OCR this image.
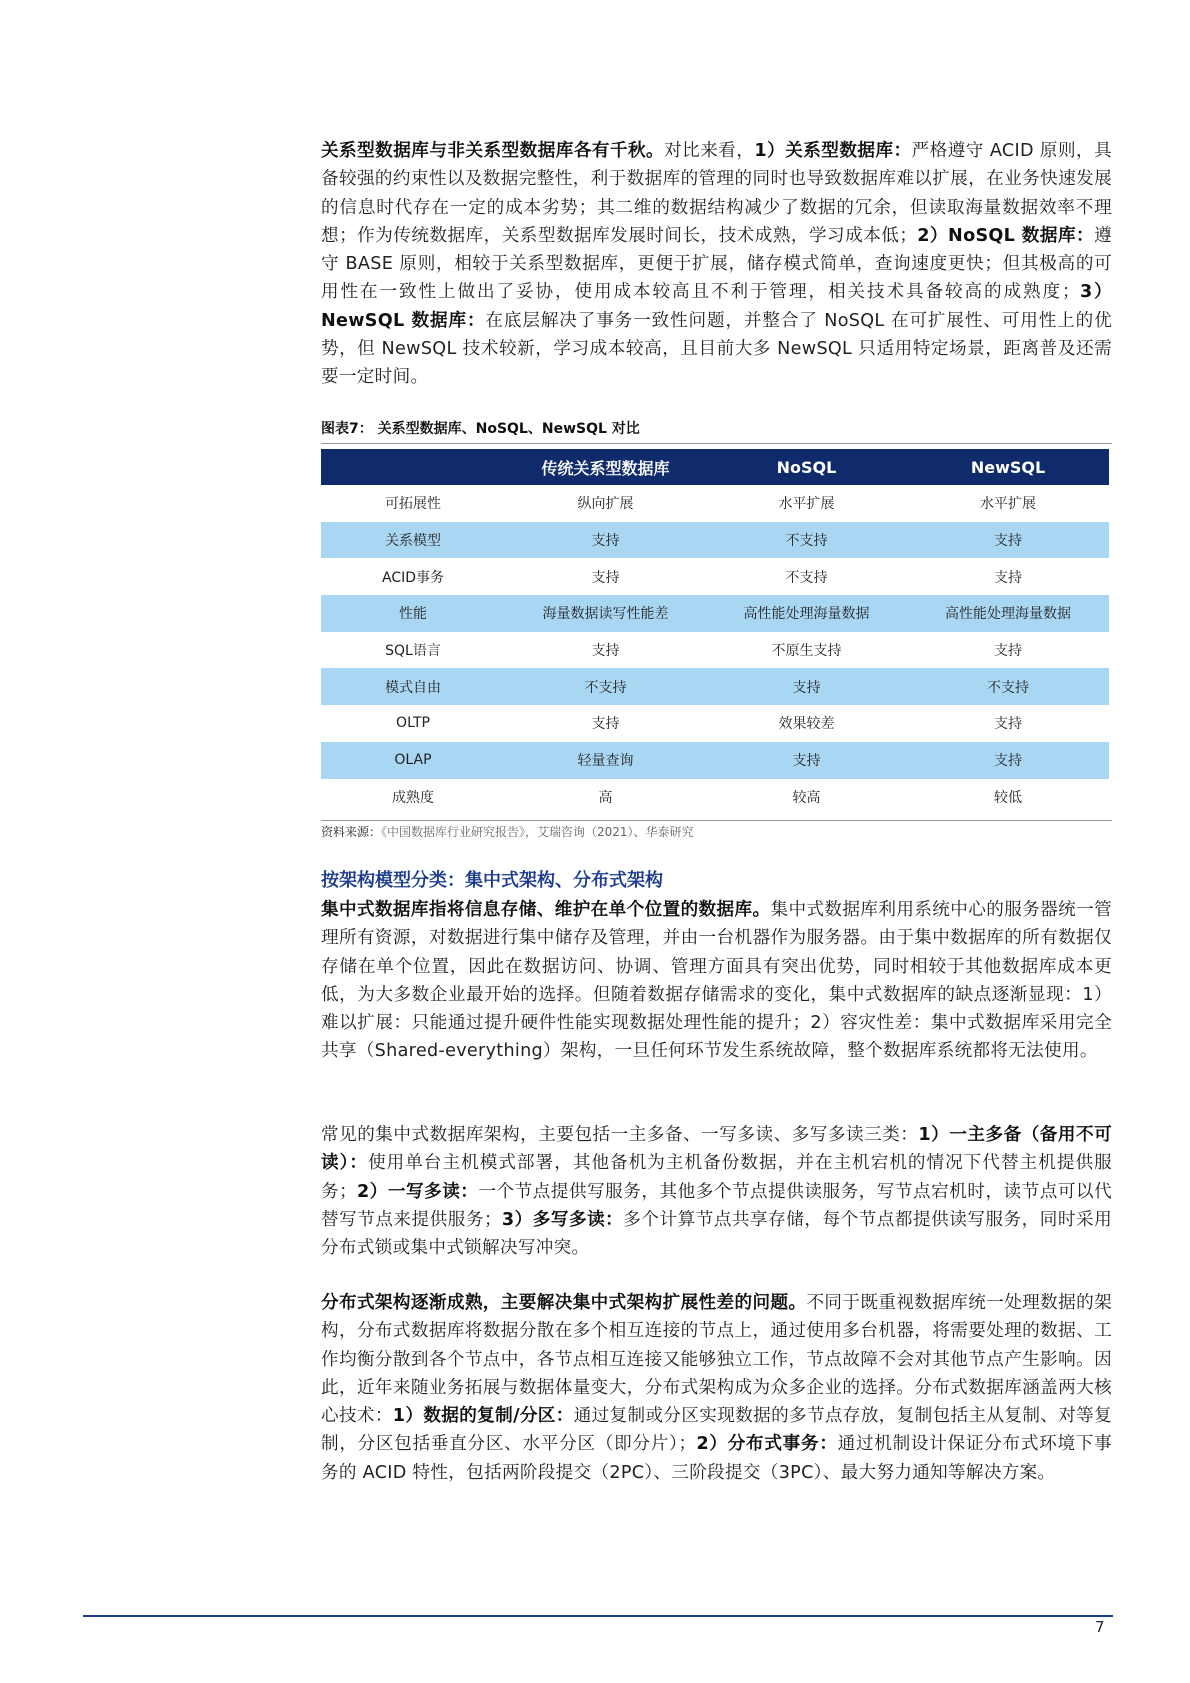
关系型数据库与非关系型数据库各有千秋。对比来看，1）关系型数据库：严格遵守 ACID 原则，具备较强的约束性以及数据完整性，利于数据库的管理的同时也导致数据库难以扩展，在业务快速发展的信息时代存在一定的成本劣势；其二维的数据结构减少了数据的冗余，但读取海量数据效率不理想；作为传统数据库，关系型数据库发展时间长，技术成熟，学习成本低；2）NoSQL 数据库：遵守 BASE 原则，相较于关系型数据库，更便于扩展，储存模式简单，查询速度更快；但其极高的可用性在一致性上做出了妥协，使用成本较高且不利于管理，相关技术具备较高的成熟度；3）NewSQL 数据库：在底层解决了事务一致性问题，并整合了 NoSQL 在可扩展性、可用性上的优势，但 NewSQL 技术较新，学习成本较高，且目前大多 NewSQL 只适用特定场景，距离普及还需要一定时间。

图表7： 关系型数据库、NoSQL、NewSQL 对比
	传统关系型数据库	NoSQL	NewSQL
可拓展性	纵向扩展	水平扩展	水平扩展
关系模型	支持	不支持	支持
ACID事务	支持	不支持	支持
性能	海量数据读写性能差	高性能处理海量数据	高性能处理海量数据
SQL语言	支持	不原生支持	支持
模式自由	不支持	支持	不支持
OLTP	支持	效果较差	支持
OLAP	轻量查询	支持	支持
成熟度	高	较高	较低
资料来源：《中国数据库行业研究报告》，艾瑞咨询（2021）、华泰研究
按架构模型分类：集中式架构、分布式架构

集中式数据库指将信息存储、维护在单个位置的数据库。集中式数据库利用系统中心的服务器统一管理所有资源，对数据进行集中储存及管理，并由一台机器作为服务器。由于集中数据库的所有数据仅存储在单个位置，因此在数据访问、协调、管理方面具有突出优势，同时相较于其他数据库成本更低，为大多数企业最开始的选择。但随着数据存储需求的变化，集中式数据库的缺点逐渐显现：1）难以扩展：只能通过提升硬件性能实现数据处理性能的提升；2）容灾性差：集中式数据库采用完全共享（Shared-everything）架构，一旦任何环节发生系统故障，整个数据库系统都将无法使用。

常见的集中式数据库架构，主要包括一主多备、一写多读、多写多读三类：1）一主多备（备用不可读）：使用单台主机模式部署，其他备机为主机备份数据，并在主机宕机的情况下代替主机提供服务；2）一写多读：一个节点提供写服务，其他多个节点提供读服务，写节点宕机时，读节点可以代替写节点来提供服务；3）多写多读：多个计算节点共享存储，每个节点都提供读写服务，同时采用分布式锁或集中式锁解决写冲突。

分布式架构逐渐成熟，主要解决集中式架构扩展性差的问题。不同于既重视数据库统一处理数据的架构，分布式数据库将数据分散在多个相互连接的节点上，通过使用多台机器，将需要处理的数据、工作均衡分散到各个节点中，各节点相互连接又能够独立工作，节点故障不会对其他节点产生影响。因此，近年来随业务拓展与数据体量变大，分布式架构成为众多企业的选择。分布式数据库涵盖两大核心技术：1）数据的复制/分区：通过复制或分区实现数据的多节点存放，复制包括主从复制、对等复制，分区包括垂直分区、水平分区（即分片）；2）分布式事务：通过机制设计保证分布式环境下事务的 ACID 特性，包括两阶段提交（2PC）、三阶段提交（3PC）、最大努力通知等解决方案。

7
